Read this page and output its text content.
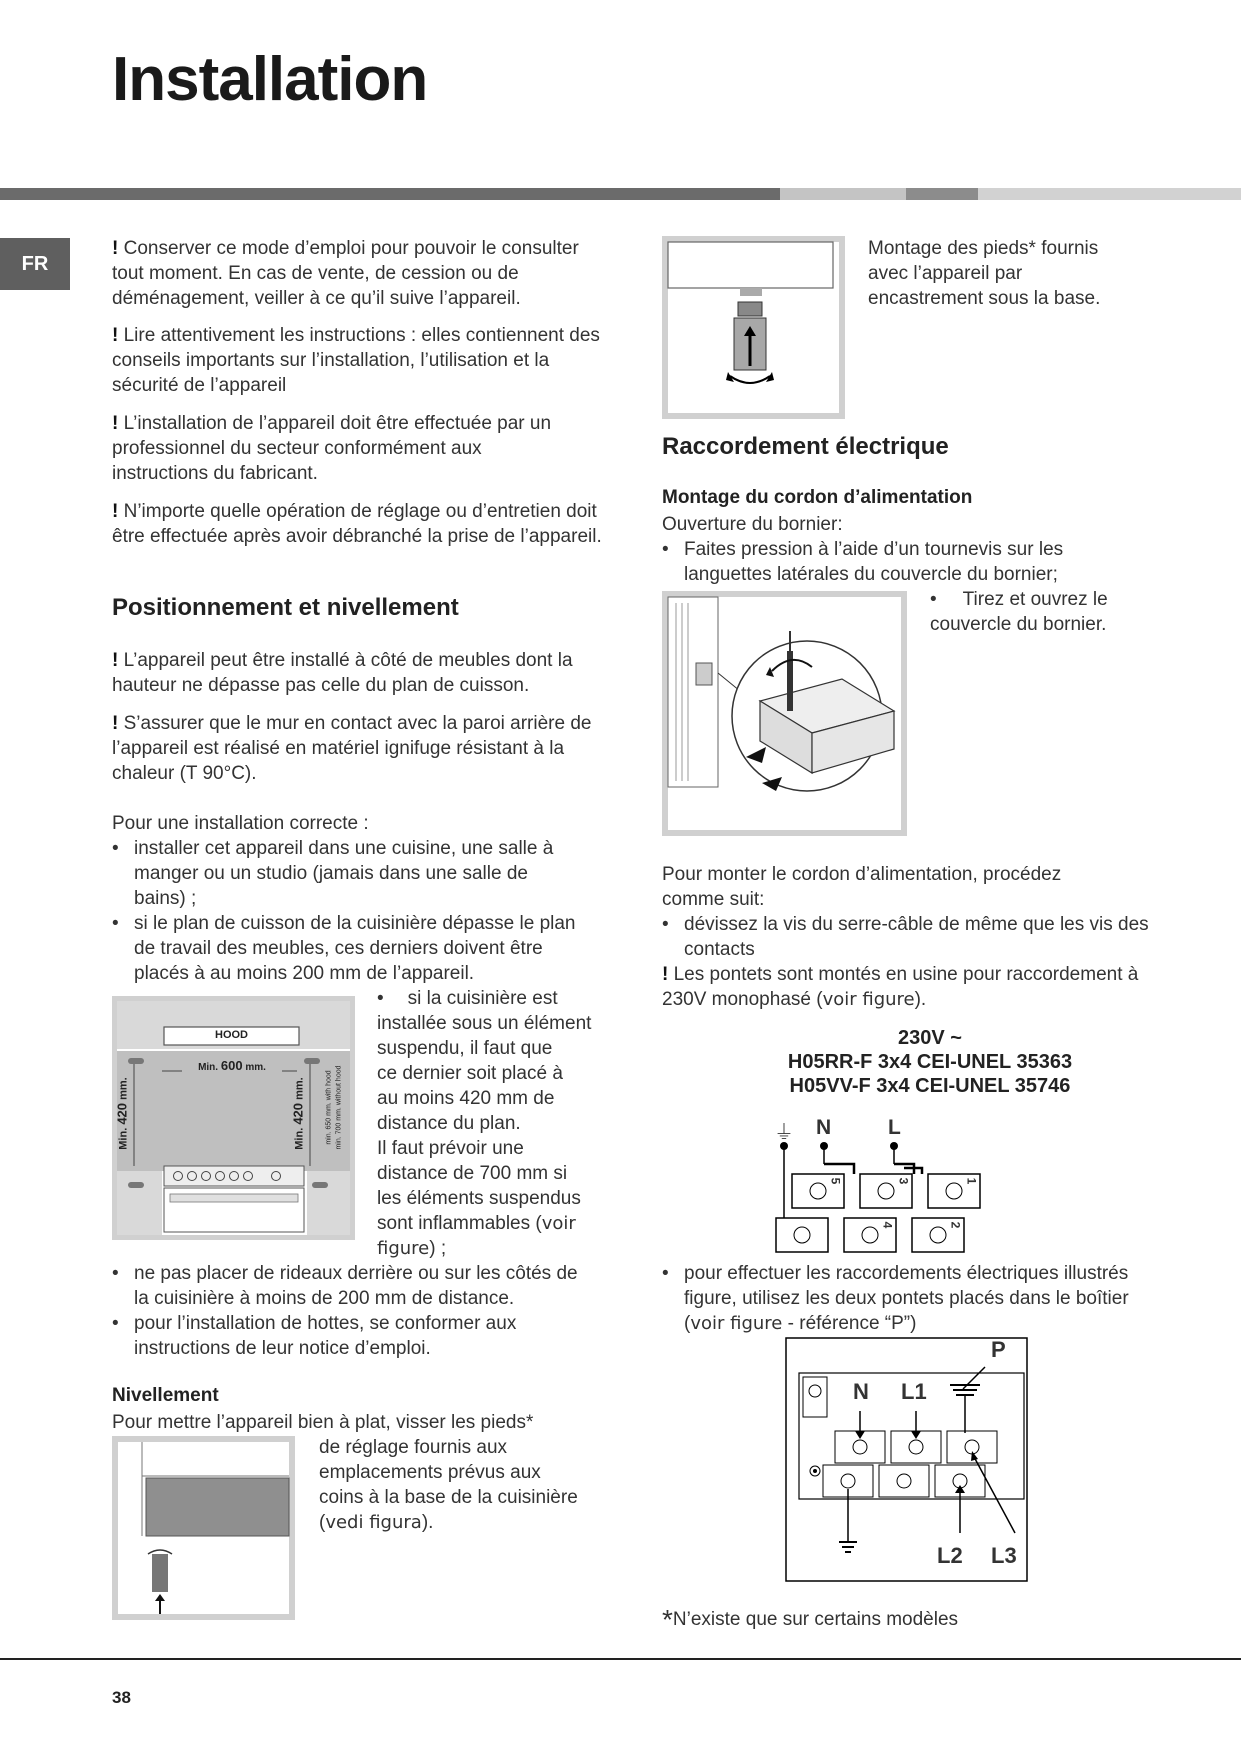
Installation
FR
! Conserver ce mode d’emploi pour pouvoir le consulter tout moment. En cas de vente, de cession ou de déménagement, veiller à ce qu’il suive l’appareil.
! Lire attentivement les instructions : elles contiennent des conseils importants sur l’installation, l’utilisation et la sécurité de l’appareil
! L’installation de l’appareil doit être effectuée par un professionnel du secteur conformément aux instructions du fabricant.
! N’importe quelle opération de réglage ou d’entretien doit être effectuée après avoir débranché la prise de l’appareil.
Positionnement et nivellement
! L’appareil peut être installé à côté de meubles dont la hauteur ne dépasse pas celle du plan de cuisson.
! S’assurer que le mur en contact avec la paroi arrière de l’appareil est réalisé en matériel ignifuge résistant à la chaleur (T 90°C).
Pour une installation correcte :
• installer cet appareil dans une cuisine, une salle à manger ou un studio (jamais dans une salle de bains) ;
• si le plan de cuisson de la cuisinière dépasse le plan de travail des meubles, ces derniers doivent être placés à au moins 200 mm de l’appareil.
HOOD
Min. 600 mm.
Min. 420 mm.
Min. 420 mm.	min. 650 mm. with hood min. 700 mm. without hood
• si la cuisinière est
installée sous un élément
suspendu, il faut que
ce dernier soit placé à
au moins 420 mm de
distance du plan.
Il faut prévoir une
distance de 700 mm si
les éléments suspendus
sont inflammables (voir
figure) ;
• ne pas placer de rideaux derrière ou sur les côtés de la cuisinière à moins de 200 mm de distance.
• pour l’installation de hottes, se conformer aux instructions de leur notice d’emploi.
Nivellement
Pour mettre l’appareil bien à plat, visser les pieds*
de réglage fournis aux
emplacements prévus aux
coins à la base de la cuisinière
(vedi figura).
Montage des pieds* fournis avec l’appareil par encastrement sous la base.
Raccordement électrique
Montage du cordon d’alimentation
Ouverture du bornier:
• Faites pression à l’aide d’un tournevis sur les languettes latérales du couvercle du bornier;
• Tirez et ouvrez le couvercle du bornier.
Pour monter le cordon d’alimentation, procédez comme suit:
• dévissez la vis du serre-câble de même que les vis des contacts
! Les pontets sont montés en usine pour raccordement à 230V monophasé (voir figure).
230V ~
H05RR-F 3x4 CEI-UNEL 35363
H05VV-F 3x4 CEI-UNEL 35746
⏚ N	L
5	3	1
4	2
• pour effectuer les raccordements électriques illustrés figure, utilisez les deux pontets placés dans le boîtier (voir figure - référence “P”)
P
N L1
L2 L3
*N’existe que sur certains modèles
38
